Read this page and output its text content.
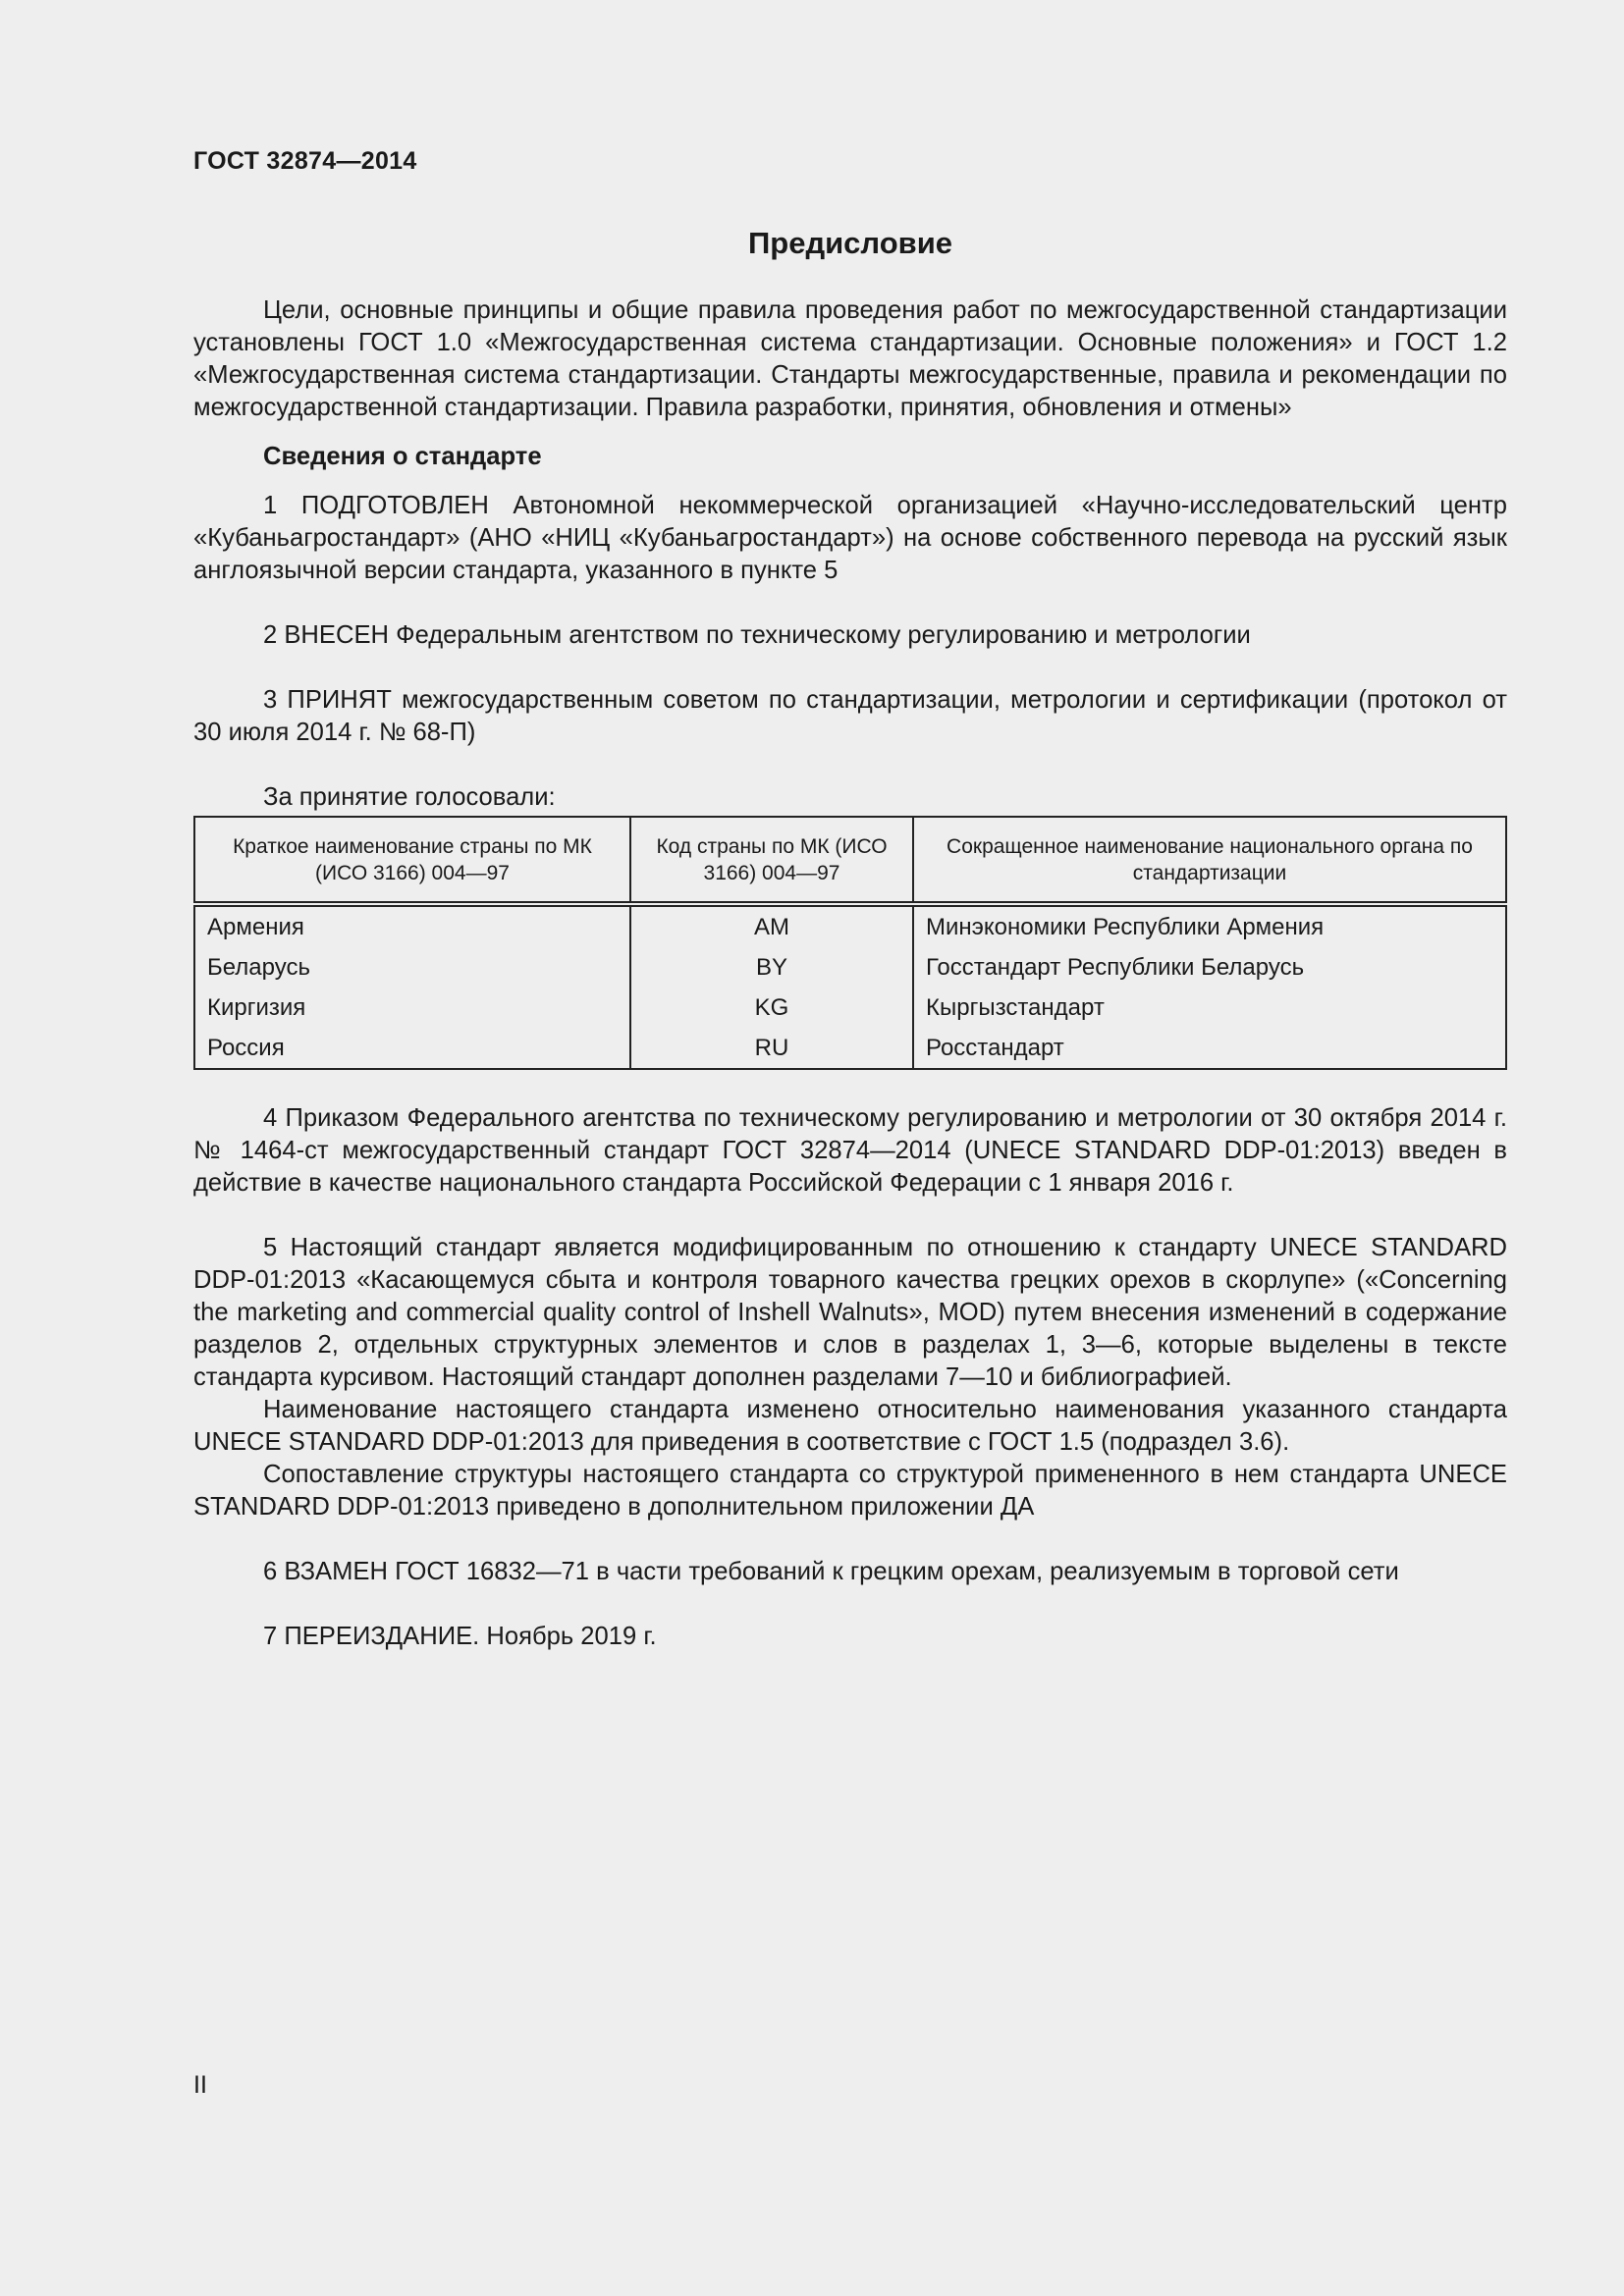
ГОСТ 32874—2014
Предисловие

Цели, основные принципы и общие правила проведения работ по межгосударственной стандартизации установлены ГОСТ 1.0 «Межгосударственная система стандартизации. Основные положения» и ГОСТ 1.2 «Межгосударственная система стандартизации. Стандарты межгосударственные, правила и рекомендации по межгосударственной стандартизации. Правила разработки, принятия, обновления и отмены»

Сведения о стандарте

1 ПОДГОТОВЛЕН Автономной некоммерческой организацией «Научно-исследовательский центр «Кубаньагростандарт» (АНО «НИЦ «Кубаньагростандарт») на основе собственного перевода на русский язык англоязычной версии стандарта, указанного в пункте 5

2 ВНЕСЕН Федеральным агентством по техническому регулированию и метрологии

3 ПРИНЯТ межгосударственным советом по стандартизации, метрологии и сертификации (протокол от 30 июля 2014 г. № 68-П)

За принятие голосовали:

Краткое наименование страны по МК (ИСО 3166) 004—97	Код страны по МК (ИСО 3166) 004—97	Сокращенное наименование национального органа по стандартизации
Армения	AM	Минэкономики Республики Армения
Беларусь	BY	Госстандарт Республики Беларусь
Киргизия	KG	Кыргызстандарт
Россия	RU	Росстандарт

4 Приказом Федерального агентства по техническому регулированию и метрологии от 30 октября 2014 г. № 1464-ст межгосударственный стандарт ГОСТ 32874—2014 (UNECE STANDARD DDP-01:2013) введен в действие в качестве национального стандарта Российской Федерации с 1 января 2016 г.

5 Настоящий стандарт является модифицированным по отношению к стандарту UNECE STANDARD DDP-01:2013 «Касающемуся сбыта и контроля товарного качества грецких орехов в скорлупе» («Concerning the marketing and commercial quality control of Inshell Walnuts», MOD) путем внесения изменений в содержание разделов 2, отдельных структурных элементов и слов в разделах 1, 3—6, которые выделены в тексте стандарта курсивом. Настоящий стандарт дополнен разделами 7—10 и библиографией.

Наименование настоящего стандарта изменено относительно наименования указанного стандарта UNECE STANDARD DDP-01:2013 для приведения в соответствие с ГОСТ 1.5 (подраздел 3.6).

Сопоставление структуры настоящего стандарта со структурой примененного в нем стандарта UNECE STANDARD DDP-01:2013 приведено в дополнительном приложении ДА

6 ВЗАМЕН ГОСТ 16832—71 в части требований к грецким орехам, реализуемым в торговой сети

7 ПЕРЕИЗДАНИЕ. Ноябрь 2019 г.

II
